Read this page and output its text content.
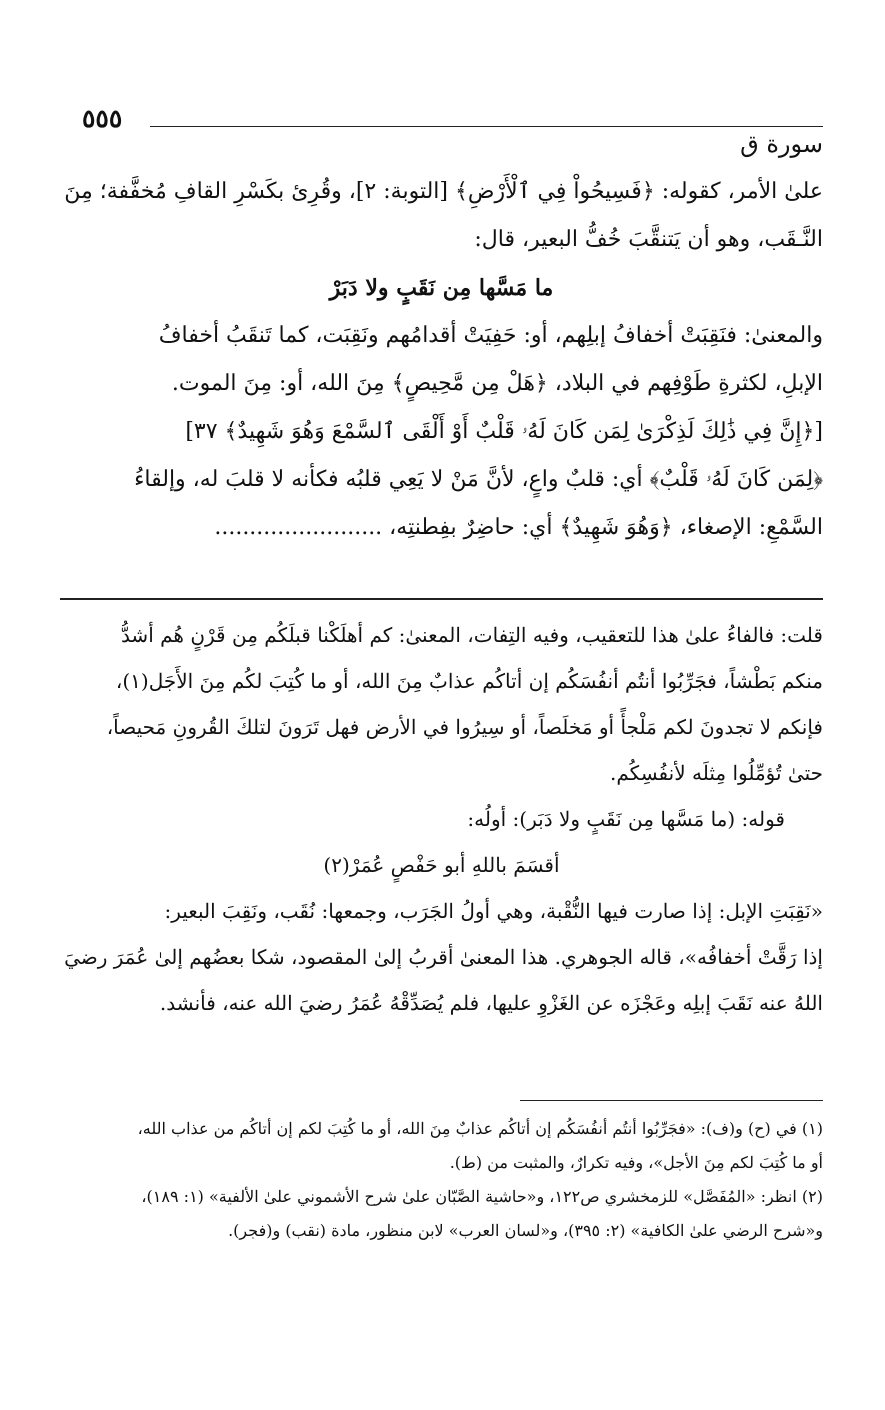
٥٥٥
سورة ق
علىٰ الأمر، كقوله: ﴿فَسِيحُواْ فِي ٱلْأَرْضِ﴾ [التوبة: ٢]، وقُرِئ بكَسْرِ القافِ مُخفَّفة؛ مِنَ
النَّـقَب، وهو أن يَتنقَّبَ خُفُّ البعير، قال:
ما مَسَّها مِن نَقَبٍ ولا دَبَرْ
والمعنىٰ: فنَقِبَتْ أخفافُ إبلِهم، أو: حَفِيَتْ أقدامُهم ونَقِبَت، كما تَنقَبُ أخفافُ
الإبلِ، لكثرةِ طَوْفِهم في البلاد، ﴿هَلْ مِن مَّحِيصٍ﴾ مِنَ الله، أو: مِنَ الموت.
[﴿إِنَّ فِي ذَٰلِكَ لَذِكْرَىٰ لِمَن كَانَ لَهُۥ قَلْبٌ أَوْ أَلْقَى ٱلسَّمْعَ وَهُوَ شَهِيدٌ﴾ ٣٧]
﴿لِمَن كَانَ لَهُۥ قَلْبٌ﴾ أي: قلبٌ واعٍ، لأنَّ مَنْ لا يَعِي قلبُه فكأنه لا قلبَ له، وإلقاءُ
السَّمْعِ: الإصغاء، ﴿وَهُوَ شَهِيدٌ﴾ أي: حاضِرٌ بفِطنتِه، ........................
قلت: فالفاءُ علىٰ هذا للتعقيب، وفيه التِفات، المعنىٰ: كم أهلَكْنا قبلَكُم مِن قَرْنٍ هُم أشدُّ
منكم بَطْشاً، فجَرِّبُوا أنتُم أنفُسَكُم إن أتاكُم عذابٌ مِنَ الله، أو ما كُتِبَ لكُم مِنَ الأَجَل(١)،
فإنكم لا تجدونَ لكم مَلْجأً أو مَخلَصاً، أو سِيرُوا في الأرض فهل تَرَونَ لتلكَ القُرونِ مَحيصاً،
حتىٰ تُؤمِّلُوا مِثلَه لأنفُسِكُم.
قوله: (ما مَسَّها مِن نَقَبٍ ولا دَبَر): أولُه:
أقسَمَ باللهِ أبو حَفْصٍ عُمَرْ(٢)
«نَقِبَتِ الإبل: إذا صارت فيها النُّقْبة، وهي أولُ الجَرَب، وجمعها: نُقَب، ونَقِبَ البعير:
إذا رَقَّتْ أخفافُه»، قاله الجوهري. هذا المعنىٰ أقربُ إلىٰ المقصود، شكا بعضُهم إلىٰ عُمَرَ رضيَ
اللهُ عنه نَقَبَ إبلِه وعَجْزَه عن الغَزْوِ عليها، فلم يُصَدِّقْهُ عُمَرُ رضيَ الله عنه، فأنشد.
(١) في (ح) و(ف): «فجَرِّبُوا أنتُم أنفُسَكُم إن أتاكُم عذابٌ مِنَ الله، أو ما كُتِبَ لكم إن أتاكُم من عذاب الله،
أو ما كُتِبَ لكم مِنَ الأجل»، وفيه تكرارٌ، والمثبت من (ط).
(٢) انظر: «المُفَصَّل» للزمخشري ص١٢٢، و«حاشية الصَّبّان علىٰ شرح الأشموني علىٰ الألفية» (١: ١٨٩)،
و«شرح الرضي علىٰ الكافية» (٢: ٣٩٥)، و«لسان العرب» لابن منظور، مادة (نقب) و(فجر).
